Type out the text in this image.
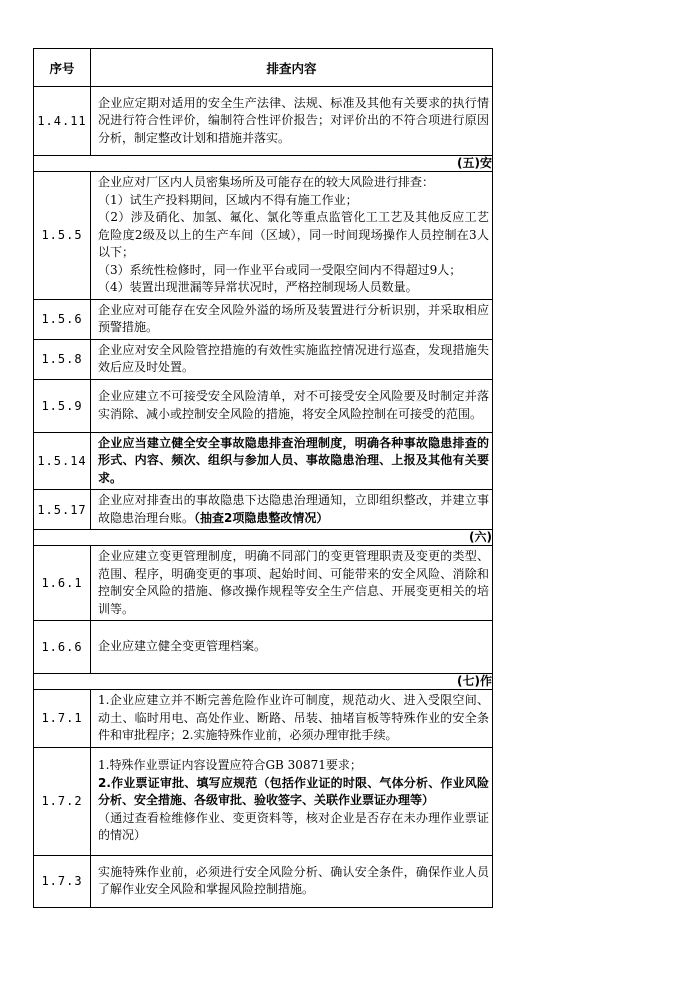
序号	排查内容
1.4.11	企业应定期对适用的安全生产法律、法规、标准及其他有关要求的执行情况进行符合性评价，编制符合性评价报告；对评价出的不符合项进行原因分析，制定整改计划和措施并落实。
(五)安	
1.5.5	企业应对厂区内人员密集场所及可能存在的较大风险进行排查：
（1）试生产投料期间，区域内不得有施工作业；
（2）涉及硝化、加氢、氟化、氯化等重点监管化工工艺及其他反应工艺危险度2级及以上的生产车间（区域），同一时间现场操作人员控制在3人以下；
（3）系统性检修时，同一作业平台或同一受限空间内不得超过9人；
（4）装置出现泄漏等异常状况时，严格控制现场人员数量。

1.5.6	企业应对可能存在安全风险外溢的场所及装置进行分析识别，并采取相应预警措施。
1.5.8	企业应对安全风险管控措施的有效性实施监控情况进行巡查，发现措施失效后应及时处置。
1.5.9	企业应建立不可接受安全风险清单，对不可接受安全风险要及时制定并落实消除、减小或控制安全风险的措施，将安全风险控制在可接受的范围。
1.5.14	企业应当建立健全安全事故隐患排查治理制度，明确各种事故隐患排查的形式、内容、频次、组织与参加人员、事故隐患治理、上报及其他有关要求。
1.5.17	企业应对排查出的事故隐患下达隐患治理通知，立即组织整改，并建立事故隐患治理台账。（抽查2项隐患整改情况）
(六)	
1.6.1	企业应建立变更管理制度，明确不同部门的变更管理职责及变更的类型、范围、程序，明确变更的事项、起始时间、可能带来的安全风险、消除和控制安全风险的措施、修改操作规程等安全生产信息、开展变更相关的培训等。
1.6.6	企业应建立健全变更管理档案。
(七)作	
1.7.1	1.企业应建立并不断完善危险作业许可制度，规范动火、进入受限空间、动土、临时用电、高处作业、断路、吊装、抽堵盲板等特殊作业的安全条件和审批程序；2.实施特殊作业前，必须办理审批手续。
1.7.2	1.特殊作业票证内容设置应符合GB 30871要求；
2.作业票证审批、填写应规范（包括作业证的时限、气体分析、作业风险分析、安全措施、各级审批、验收签字、关联作业票证办理等）
（通过查看检维修作业、变更资料等，核对企业是否存在未办理作业票证的情况）

1.7.3	实施特殊作业前，必须进行安全风险分析、确认安全条件，确保作业人员了解作业安全风险和掌握风险控制措施。
